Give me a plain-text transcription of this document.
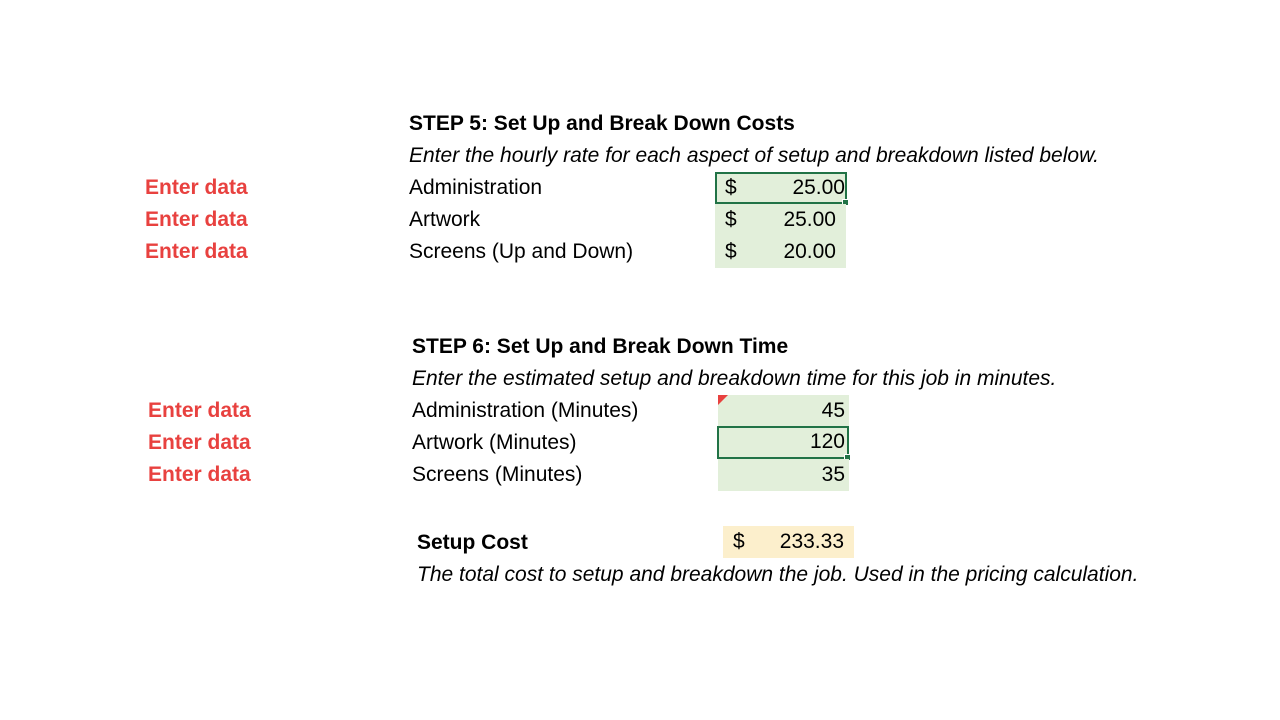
STEP 5: Set Up and Break Down Costs
Enter the hourly rate for each aspect of setup and breakdown listed below.
Enter data	Administration	$	25.00
Enter data	Artwork	$ 25.00
Enter data	Screens (Up and Down)	$ 20.00
STEP 6: Set Up and Break Down Time
Enter the estimated setup and breakdown time for this job in minutes.
Enter data	Administration (Minutes)	45
Enter data	Artwork (Minutes)	120
Enter data	Screens (Minutes)	35
Setup Cost	$ 233.33
The total cost to setup and breakdown the job. Used in the pricing calculation.
